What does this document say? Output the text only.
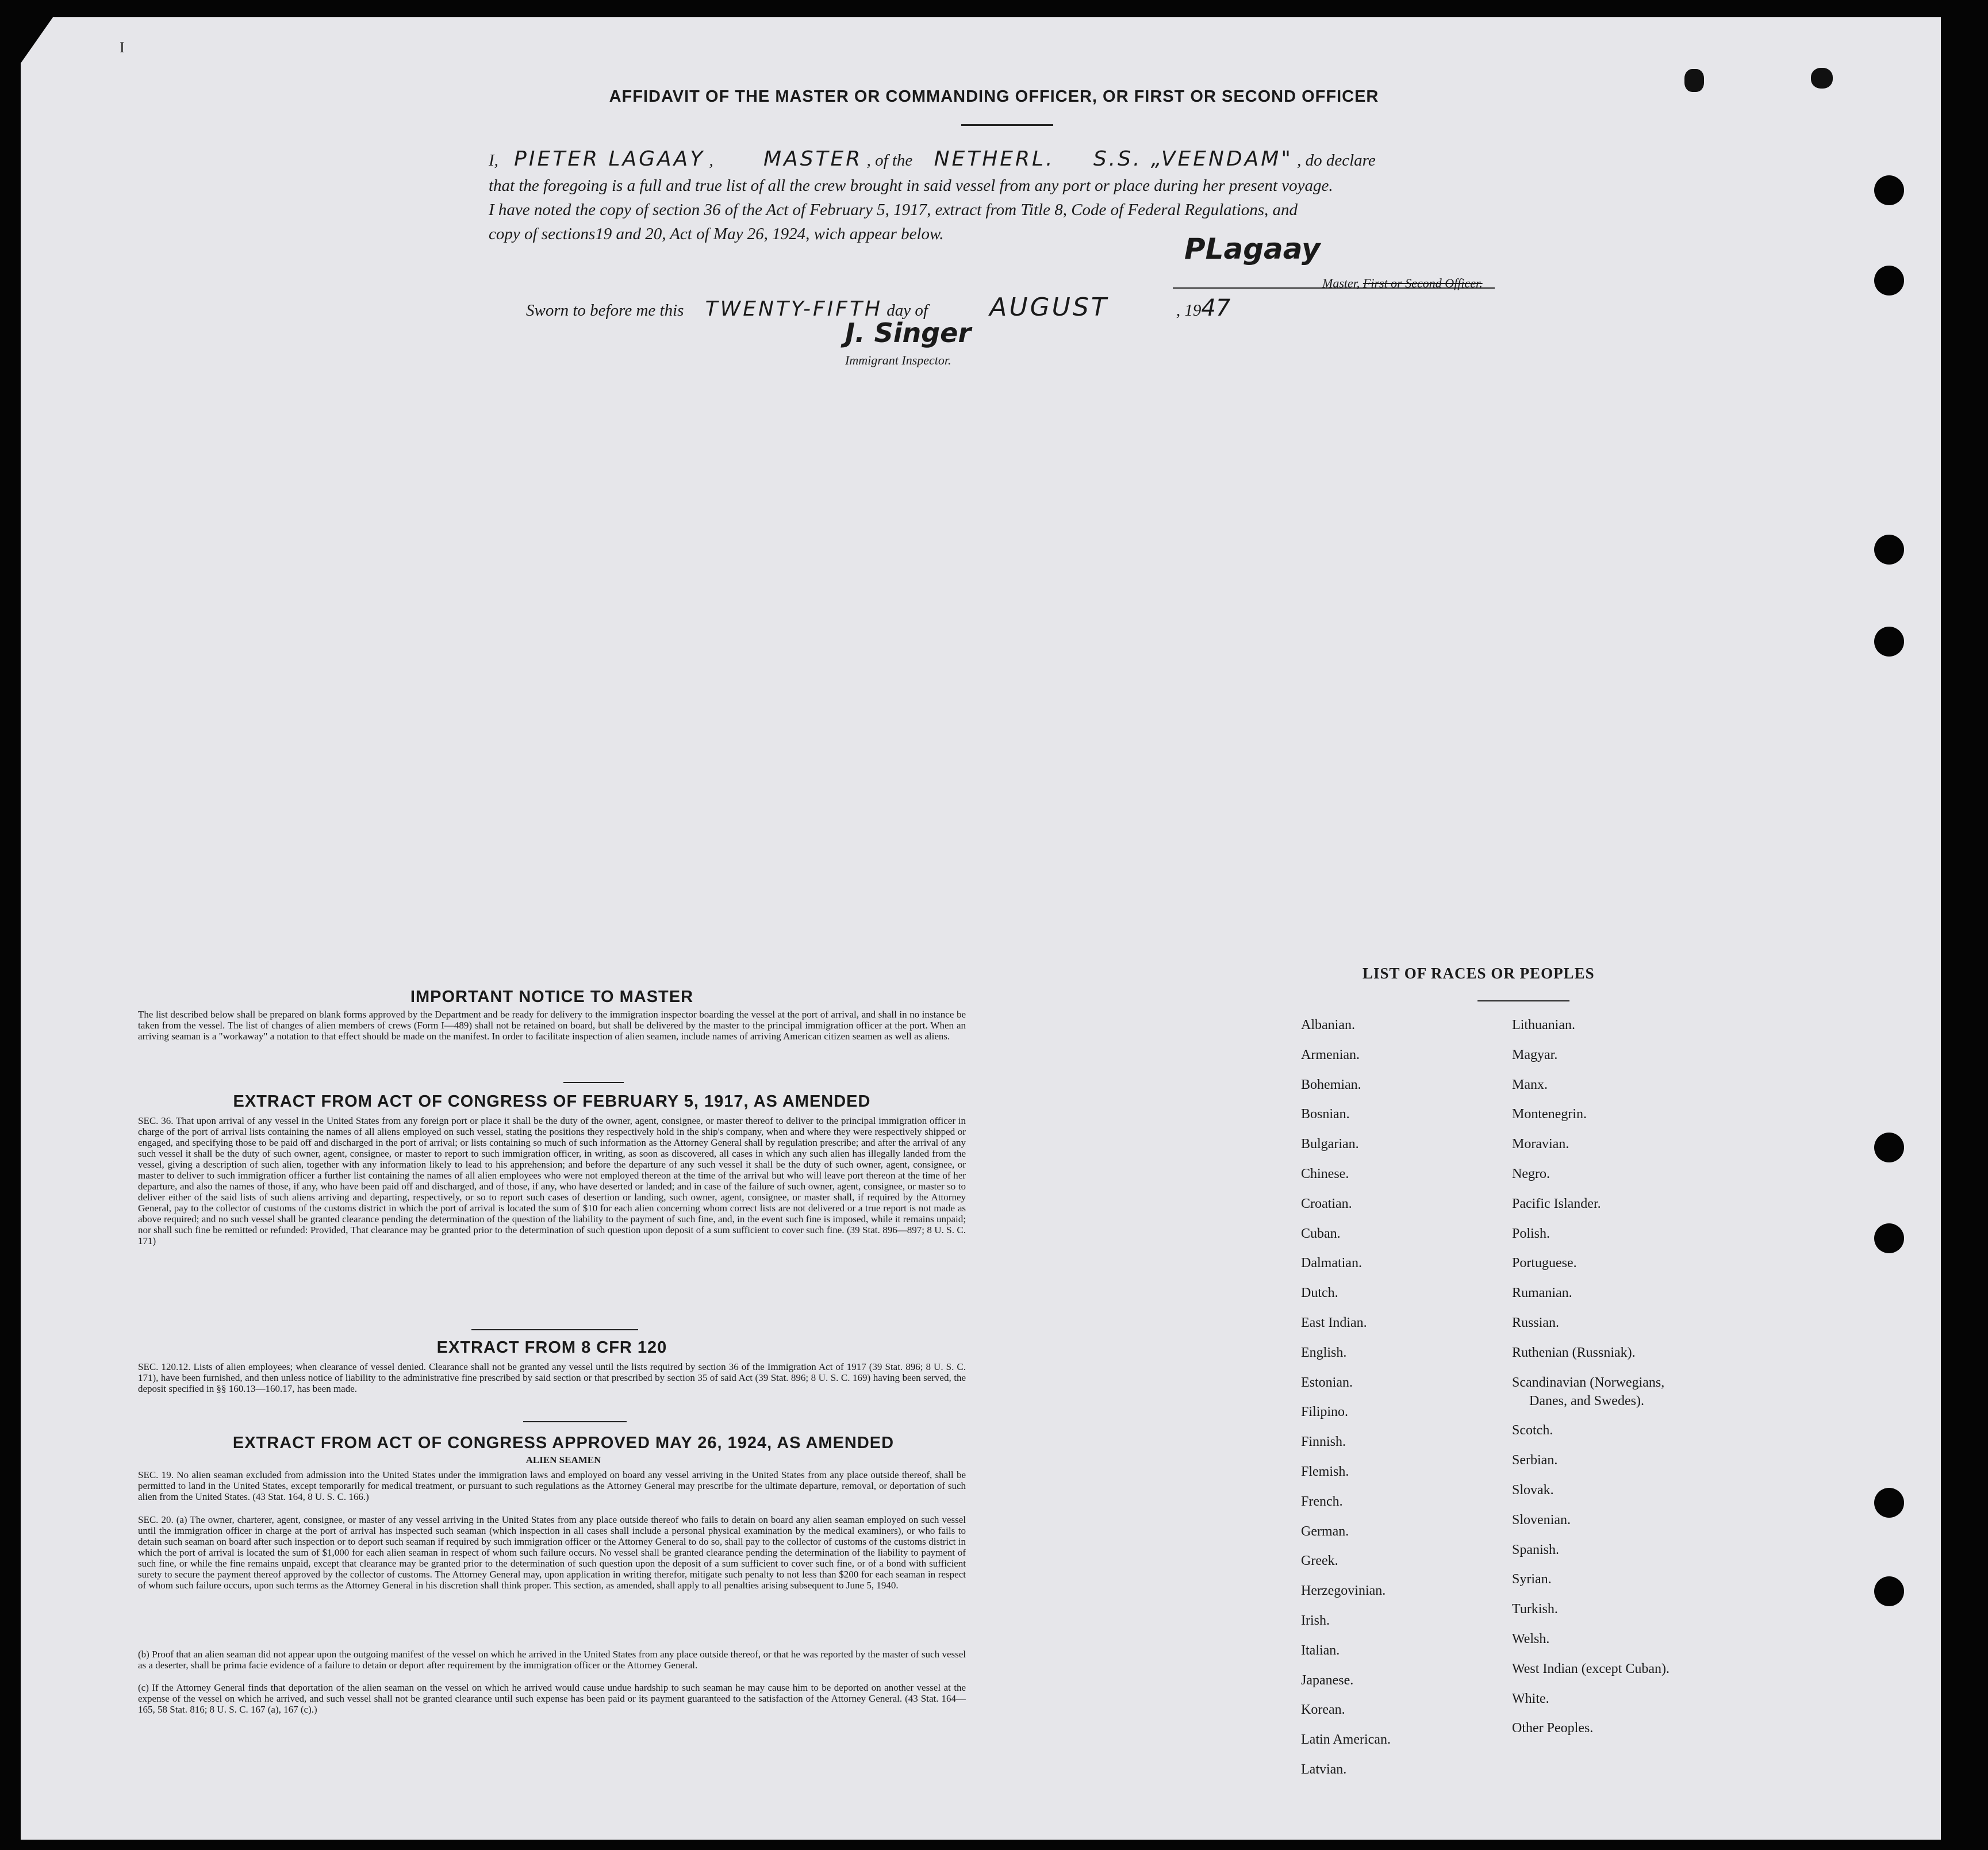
I
AFFIDAVIT OF THE MASTER OR COMMANDING OFFICER, OR FIRST OR SECOND OFFICER
I, PIETER LAGAAY , MASTER , of the NETHERL. S.S. „VEENDAM" , do declare
that the foregoing is a full and true list of all the crew brought in said vessel from any port or place during her present voyage.
I have noted the copy of section 36 of the Act of February 5, 1917, extract from Title 8, Code of Federal Regulations, and
copy of sections19 and 20, Act of May 26, 1924, wich appear below.	PLagaay
Master, First or Second Officer.
Sworn to before me this TWENTY-FIFTH day of AUGUST	, 1947
J. Singer
Immigrant Inspector.
IMPORTANT NOTICE TO MASTER
The list described below shall be prepared on blank forms approved by the Department and be ready for delivery to the immigration inspector boarding the vessel at the port of arrival, and shall in no instance be taken from the vessel. The list of changes of alien members of crews (Form I—489) shall not be retained on board, but shall be delivered by the master to the principal immigration officer at the port. When an arriving seaman is a "workaway" a notation to that effect should be made on the manifest. In order to facilitate inspection of alien seamen, include names of arriving American citizen seamen as well as aliens.
EXTRACT FROM ACT OF CONGRESS OF FEBRUARY 5, 1917, AS AMENDED
SEC. 36. That upon arrival of any vessel in the United States from any foreign port or place it shall be the duty of the owner, agent, consignee, or master thereof to deliver to the principal immigration officer in charge of the port of arrival lists containing the names of all aliens employed on such vessel, stating the positions they respectively hold in the ship's company, when and where they were respectively shipped or engaged, and specifying those to be paid off and discharged in the port of arrival; or lists containing so much of such information as the Attorney General shall by regulation prescribe; and after the arrival of any such vessel it shall be the duty of such owner, agent, consignee, or master to report to such immigration officer, in writing, as soon as discovered, all cases in which any such alien has illegally landed from the vessel, giving a description of such alien, together with any information likely to lead to his apprehension; and before the departure of any such vessel it shall be the duty of such owner, agent, consignee, or master to deliver to such immigration officer a further list containing the names of all alien employees who were not employed thereon at the time of the arrival but who will leave port thereon at the time of her departure, and also the names of those, if any, who have been paid off and discharged, and of those, if any, who have deserted or landed; and in case of the failure of such owner, agent, consignee, or master so to deliver either of the said lists of such aliens arriving and departing, respectively, or so to report such cases of desertion or landing, such owner, agent, consignee, or master shall, if required by the Attorney General, pay to the collector of customs of the customs district in which the port of arrival is located the sum of $10 for each alien concerning whom correct lists are not delivered or a true report is not made as above required; and no such vessel shall be granted clearance pending the determination of the question of the liability to the payment of such fine, and, in the event such fine is imposed, while it remains unpaid; nor shall such fine be remitted or refunded: Provided, That clearance may be granted prior to the determination of such question upon deposit of a sum sufficient to cover such fine. (39 Stat. 896—897; 8 U. S. C. 171)
EXTRACT FROM 8 CFR 120
SEC. 120.12. Lists of alien employees; when clearance of vessel denied. Clearance shall not be granted any vessel until the lists required by section 36 of the Immigration Act of 1917 (39 Stat. 896; 8 U. S. C. 171), have been furnished, and then unless notice of liability to the administrative fine prescribed by said section or that prescribed by section 35 of said Act (39 Stat. 896; 8 U. S. C. 169) having been served, the deposit specified in §§ 160.13—160.17, has been made.
EXTRACT FROM ACT OF CONGRESS APPROVED MAY 26, 1924, AS AMENDED
ALIEN SEAMEN
SEC. 19. No alien seaman excluded from admission into the United States under the immigration laws and employed on board any vessel arriving in the United States from any place outside thereof, shall be permitted to land in the United States, except temporarily for medical treatment, or pursuant to such regulations as the Attorney General may prescribe for the ultimate departure, removal, or deportation of such alien from the United States. (43 Stat. 164, 8 U. S. C. 166.)
SEC. 20. (a) The owner, charterer, agent, consignee, or master of any vessel arriving in the United States from any place outside thereof who fails to detain on board any alien seaman employed on such vessel until the immigration officer in charge at the port of arrival has inspected such seaman (which inspection in all cases shall include a personal physical examination by the medical examiners), or who fails to detain such seaman on board after such inspection or to deport such seaman if required by such immigration officer or the Attorney General to do so, shall pay to the collector of customs of the customs district in which the port of arrival is located the sum of $1,000 for each alien seaman in respect of whom such failure occurs. No vessel shall be granted clearance pending the determination of the liability to payment of such fine, or while the fine remains unpaid, except that clearance may be granted prior to the determination of such question upon the deposit of a sum sufficient to cover such fine, or of a bond with sufficient surety to secure the payment thereof approved by the collector of customs. The Attorney General may, upon application in writing therefor, mitigate such penalty to not less than $200 for each seaman in respect of whom such failure occurs, upon such terms as the Attorney General in his discretion shall think proper. This section, as amended, shall apply to all penalties arising subsequent to June 5, 1940.
(b) Proof that an alien seaman did not appear upon the outgoing manifest of the vessel on which he arrived in the United States from any place outside thereof, or that he was reported by the master of such vessel as a deserter, shall be prima facie evidence of a failure to detain or deport after requirement by the immigration officer or the Attorney General.
(c) If the Attorney General finds that deportation of the alien seaman on the vessel on which he arrived would cause undue hardship to such seaman he may cause him to be deported on another vessel at the expense of the vessel on which he arrived, and such vessel shall not be granted clearance until such expense has been paid or its payment guaranteed to the satisfaction of the Attorney General. (43 Stat. 164—165, 58 Stat. 816; 8 U. S. C. 167 (a), 167 (c).)
LIST OF RACES OR PEOPLES
Albanian.
Armenian.
Bohemian.
Bosnian.
Bulgarian.
Chinese.
Croatian.
Cuban.
Dalmatian.
Dutch.
East Indian.
English.
Estonian.
Filipino.
Finnish.
Flemish.
French.
German.
Greek.
Herzegovinian.
Irish.
Italian.
Japanese.
Korean.
Latin American.
Latvian.
Lithuanian.
Magyar.
Manx.
Montenegrin.
Moravian.
Negro.
Pacific Islander.
Polish.
Portuguese.
Rumanian.
Russian.
Ruthenian (Russniak).
Scandinavian (Norwegians,
Danes, and Swedes).
Scotch.
Serbian.
Slovak.
Slovenian.
Spanish.
Syrian.
Turkish.
Welsh.
West Indian (except Cuban).
White.
Other Peoples.
